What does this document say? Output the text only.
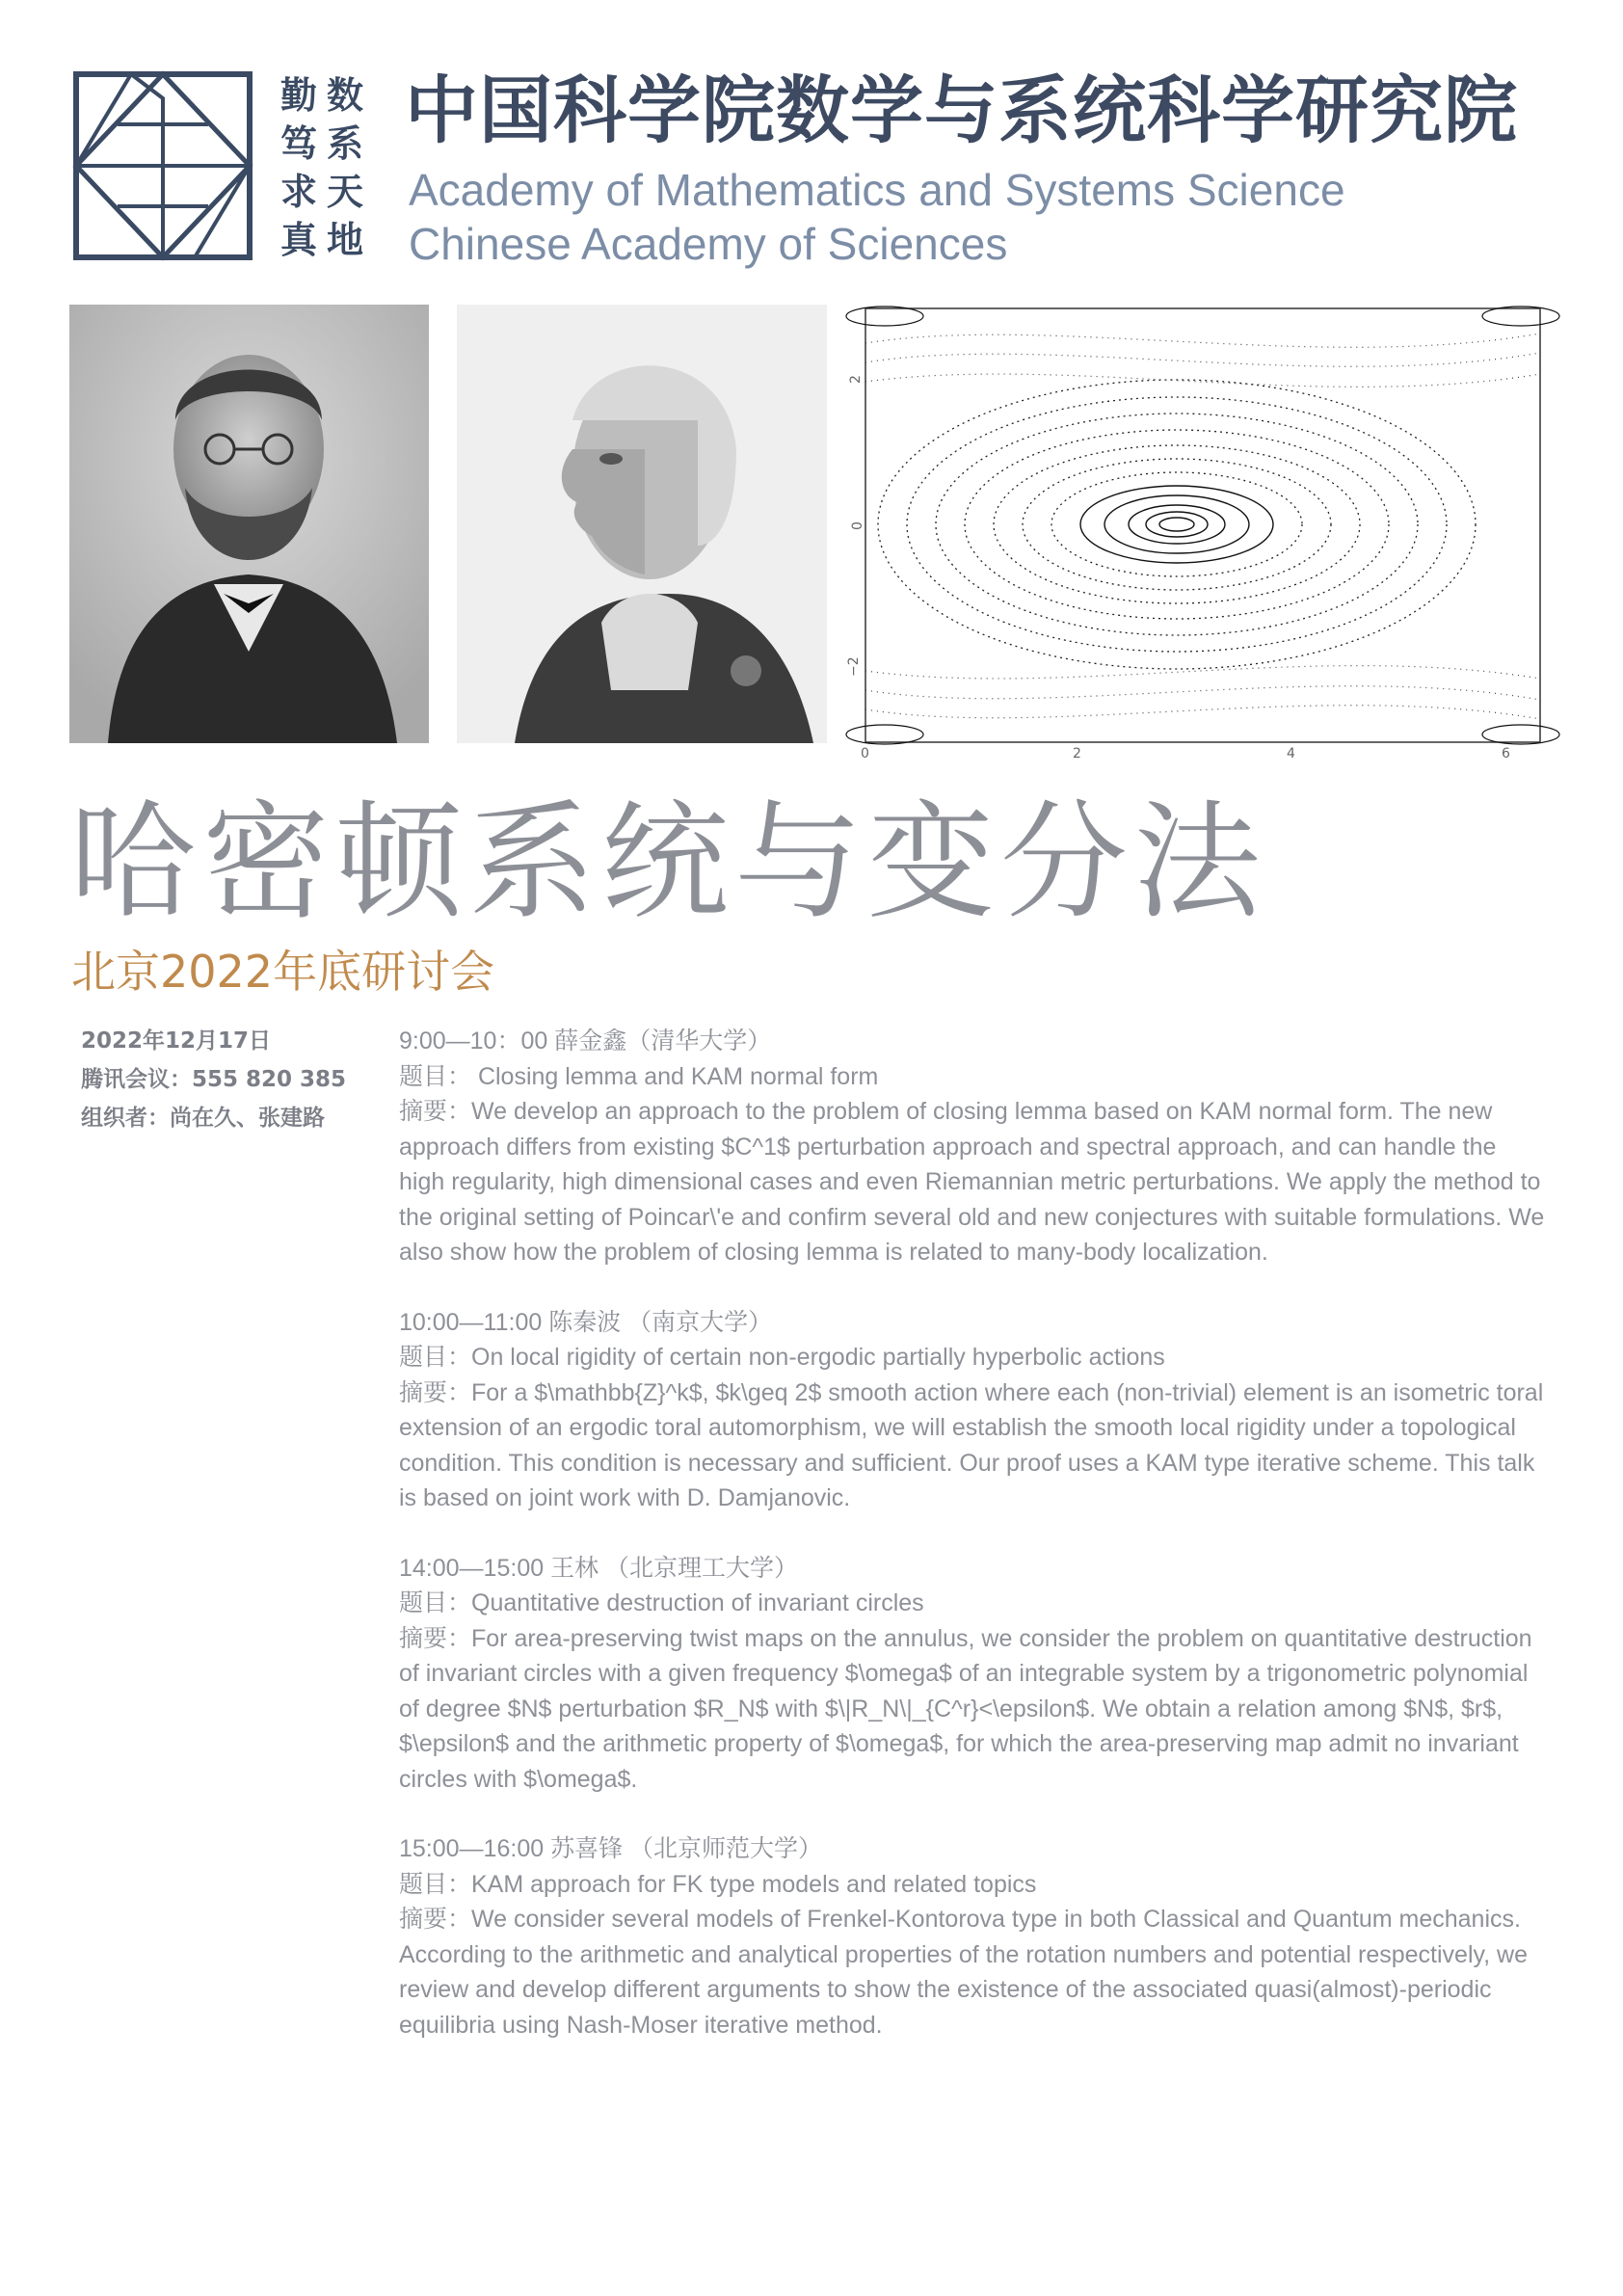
勤
笃
求
真
数
系
天
地
中国科学院数学与系统科学研究院
Academy of Mathematics and Systems Science
Chinese Academy of Sciences
2
0
−2
0	2	4	6
哈密顿系统与变分法
北京2022年底研讨会
2022年12月17日
腾讯会议：555 820 385
组织者：尚在久、张建路
9:00—10：00 薛金鑫（清华大学）
题目： Closing lemma and KAM normal form
摘要：We develop an approach to the problem of closing lemma based on KAM normal form. The new approach differs from existing $C^1$ perturbation approach and spectral approach, and can handle the high regularity, high dimensional cases and even Riemannian metric perturbations. We apply the method to the original setting of Poincar\'e and confirm several old and new conjectures with suitable formulations. We also show how the problem of closing lemma is related to many-body localization.
10:00—11:00 陈秦波 （南京大学）
题目：On local rigidity of certain non-ergodic partially hyperbolic actions
摘要：For a $\mathbb{Z}^k$, $k\geq 2$ smooth action where each (non-trivial) element is an isometric toral extension of an ergodic toral automorphism, we will establish the smooth local rigidity under a topological condition. This condition is necessary and sufficient. Our proof uses a KAM type iterative scheme. This talk is based on joint work with D. Damjanovic.
14:00—15:00 王林 （北京理工大学）
题目：Quantitative destruction of invariant circles
摘要：For area-preserving twist maps on the annulus, we consider the problem on quantitative destruction of invariant circles with a given frequency $\omega$ of an integrable system by a trigonometric polynomial of degree $N$ perturbation $R_N$ with $\|R_N\|_{C^r}<\epsilon$. We obtain a relation among $N$, $r$, $\epsilon$ and the arithmetic property of $\omega$, for which the area-preserving map admit no invariant circles with $\omega$.
15:00—16:00 苏喜锋 （北京师范大学）
题目：KAM approach for FK type models and related topics
摘要：We consider several models of Frenkel-Kontorova type in both Classical and Quantum mechanics. According to the arithmetic and analytical properties of the rotation numbers and potential respectively, we review and develop different arguments to show the existence of the associated quasi(almost)-periodic equilibria using Nash-Moser iterative method.
